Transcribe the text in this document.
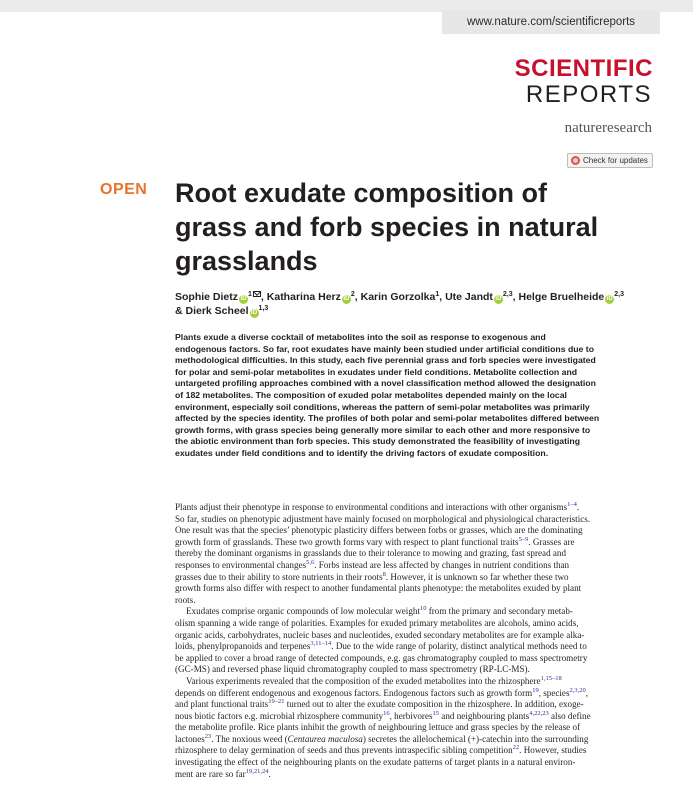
www.nature.com/scientificreports
SCIENTIFIC
REPORTS
natureresearch
Check for updates
OPEN Root exudate composition of
grass and forb species in natural
grasslands
Sophie Dietz $iD^1$ , Katharina Herz $iD^2$, Karin Gorzolka$^1$, Ute Jandt iD$^{2,3}$, Helge Bruelheide iD$^{2,3}$
& Dierk Scheel iD$^{1,3}$
Plants exude a diverse cocktail of metabolites into the soil as response to exogenous and
endogenous factors. So far, root exudates have mainly been studied under artificial conditions due to
methodological difficulties. In this study, each five perennial grass and forb species were investigated
for polar and semi-polar metabolites in exudates under field conditions. Metabolite collection and
untargeted profiling approaches combined with a novel classification method allowed the designation
of 182 metabolites. The composition of exuded polar metabolites depended mainly on the local
environment, especially soil conditions, whereas the pattern of semi-polar metabolites was primarily
affected by the species identity. The profiles of both polar and semi-polar metabolites differed between
growth forms, with grass species being generally more similar to each other and more responsive to
the abiotic environment than forb species. This study demonstrated the feasibility of investigating
exudates under field conditions and to identify the driving factors of exudate composition.
Plants adjust their phenotype in response to environmental conditions and interactions with other organisms$^{1-4}$.
So far, studies on phenotypic adjustment have mainly focused on morphological and physiological characteristics.
One result was that the species’ phenotypic plasticity differs between forbs or grasses, which are the dominating
growth form of grasslands. These two growth forms vary with respect to plant functional traits$^{5-9}$. Grasses are
thereby the dominant organisms in grasslands due to their tolerance to mowing and grazing, fast spread and
responses to environmental changes$^{5,6}$. Forbs instead are less affected by changes in nutrient conditions than
grasses due to their ability to store nutrients in their roots$^8$. However, it is unknown so far whether these two
growth forms also differ with respect to another fundamental plants phenotype: the metabolites exuded by plant
roots.
Exudates comprise organic compounds of low molecular weight$^{10}$ from the primary and secondary metab-
olism spanning a wide range of polarities. Examples for exuded primary metabolites are alcohols, amino acids,
organic acids, carbohydrates, nucleic bases and nucleotides, exuded secondary metabolites are for example alka-
loids, phenylpropanoids and terpenes$^{3,11-14}$. Due to the wide range of polarity, distinct analytical methods need to
be applied to cover a broad range of detected compounds, e.g. gas chromatography coupled to mass spectrometry
(GC-MS) and reversed phase liquid chromatography coupled to mass spectrometry (RP-LC-MS).
Various experiments revealed that the composition of the exuded metabolites into the rhizosphere$^{1,15-18}$
depends on different endogenous and exogenous factors. Endogenous factors such as growth form$^{19}$, species$^{2,3,20}$,
and plant functional traits$^{19-21}$ turned out to alter the exudate composition in the rhizosphere. In addition, exoge-
nous biotic factors e.g. microbial rhizosphere community$^{16}$, herbivores$^{15}$ and neighbouring plants$^{4,22,23}$ also define
the metabolite profile. Rice plants inhibit the growth of neighbouring lettuce and grass species by the release of
lactones$^{23}$. The noxious weed (Centaurea maculosa) secretes the allelochemical (+)-catechin into the surrounding
rhizosphere to delay germination of seeds and thus prevents intraspecific sibling competition$^{22}$. However, studies
investigating the effect of the neighbouring plants on the exudate patterns of target plants in a natural environ-
ment are rare so far$^{19,21,24}$.
